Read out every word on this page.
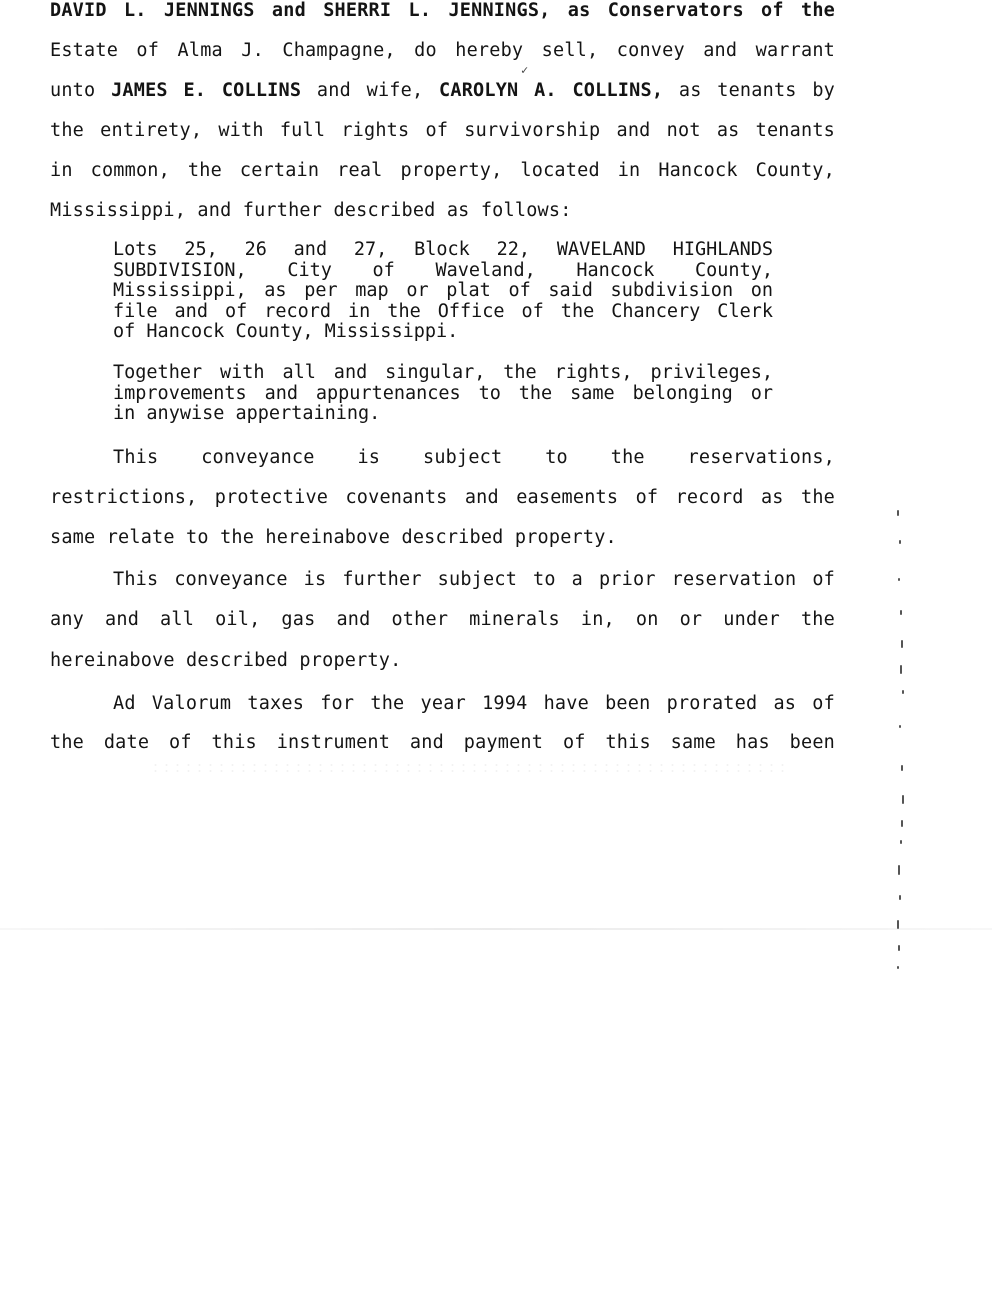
DAVID L. JENNINGS and SHERRI L. JENNINGS, as Conservators of the
Estate of Alma J. Champagne, do hereby sell, convey and warrant
✓
unto JAMES E. COLLINS and wife, CAROLYN A. COLLINS, as tenants by
the entirety, with full rights of survivorship and not as tenants
in common, the certain real property, located in Hancock County,
Mississippi, and further described as follows:
Lots 25, 26 and 27, Block 22, WAVELAND HIGHLANDS
SUBDIVISION, City of Waveland, Hancock County,
Mississippi, as per map or plat of said subdivision on
file and of record in the Office of the Chancery Clerk
of Hancock County, Mississippi.
Together with all and singular, the rights, privileges,
improvements and appurtenances to the same belonging or
in anywise appertaining.
This conveyance is subject to the reservations,
restrictions, protective covenants and easements of record as the
same relate to the hereinabove described property.
This conveyance is further subject to a prior reservation of
any and all oil, gas and other minerals in, on or under the
hereinabove described property.
Ad Valorum taxes for the year 1994 have been prorated as of
the date of this instrument and payment of this same has been
